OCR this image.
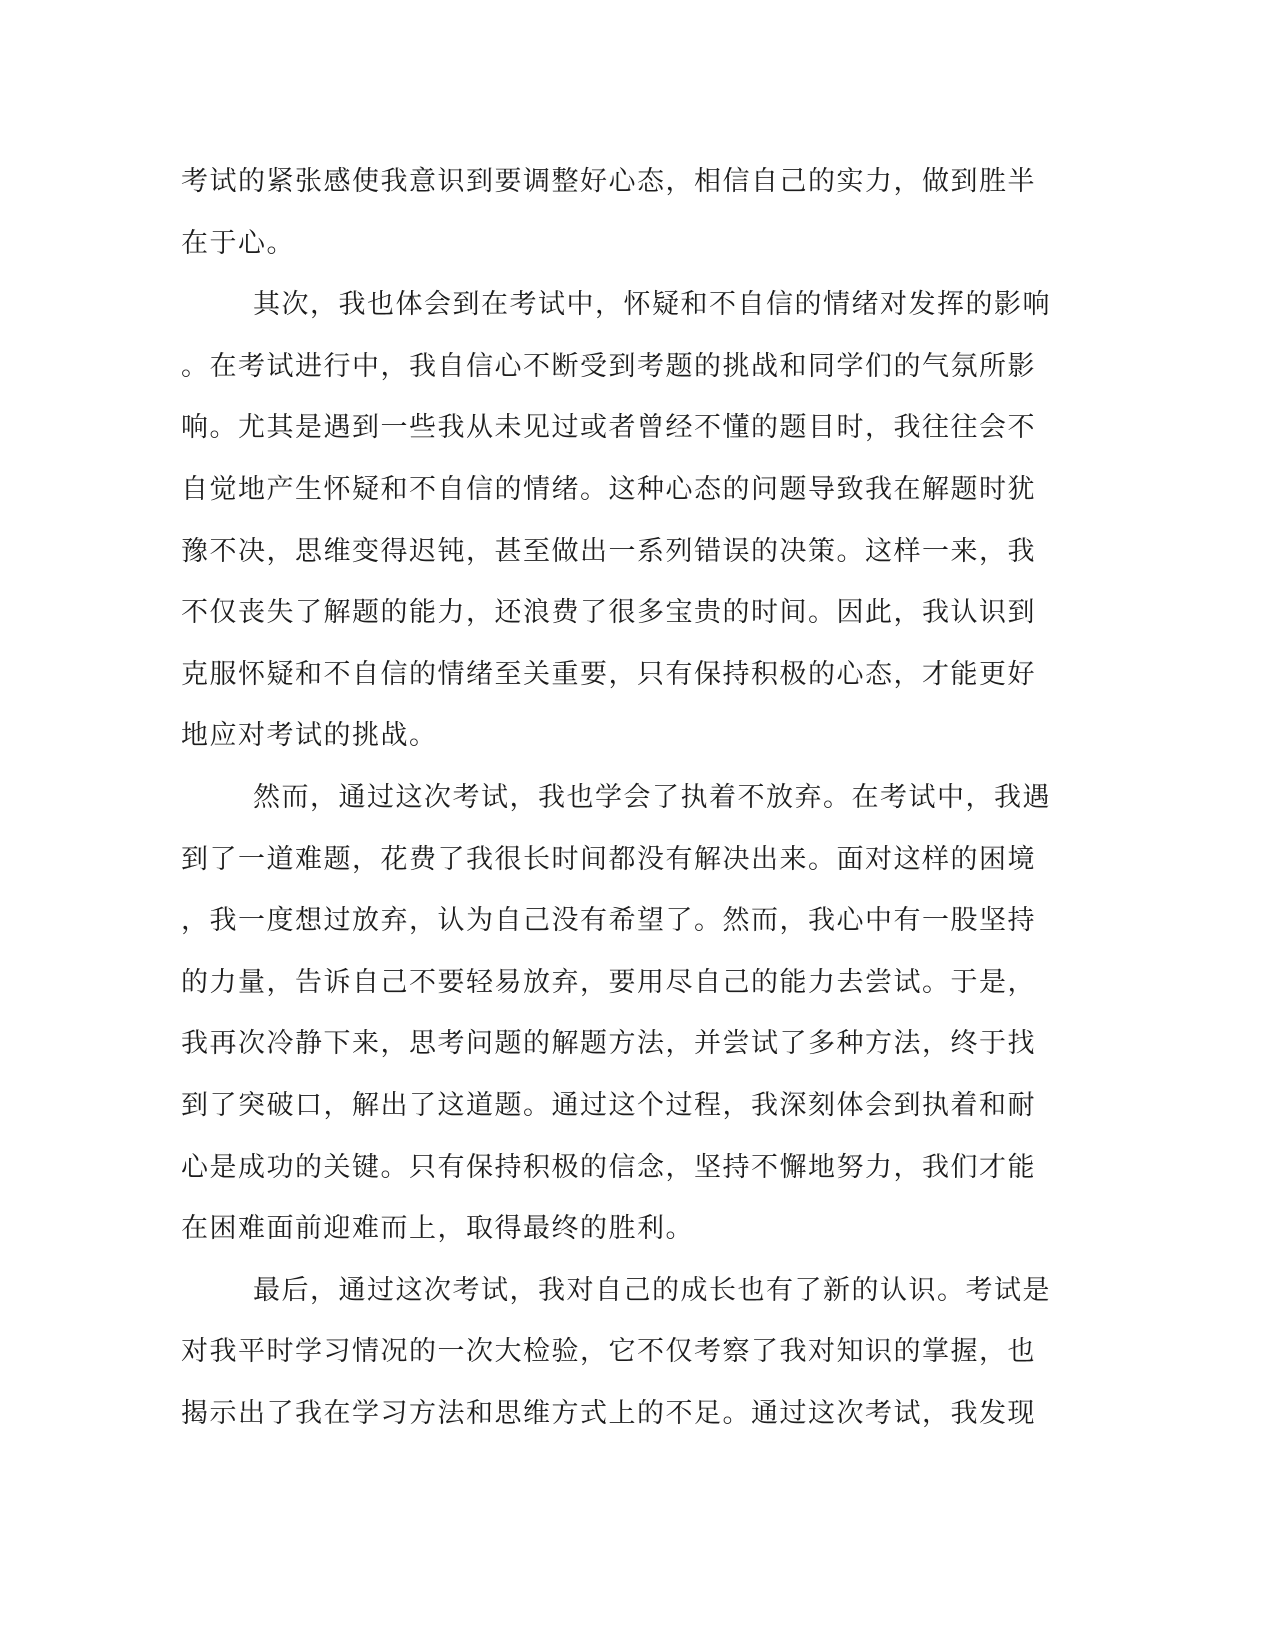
考试的紧张感使我意识到要调整好心态，相信自己的实力，做到胜半
在于心。
其次，我也体会到在考试中，怀疑和不自信的情绪对发挥的影响
。在考试进行中，我自信心不断受到考题的挑战和同学们的气氛所影
响。尤其是遇到一些我从未见过或者曾经不懂的题目时，我往往会不
自觉地产生怀疑和不自信的情绪。这种心态的问题导致我在解题时犹
豫不决，思维变得迟钝，甚至做出一系列错误的决策。这样一来，我
不仅丧失了解题的能力，还浪费了很多宝贵的时间。因此，我认识到
克服怀疑和不自信的情绪至关重要，只有保持积极的心态，才能更好
地应对考试的挑战。
然而，通过这次考试，我也学会了执着不放弃。在考试中，我遇
到了一道难题，花费了我很长时间都没有解决出来。面对这样的困境
，我一度想过放弃，认为自己没有希望了。然而，我心中有一股坚持
的力量，告诉自己不要轻易放弃，要用尽自己的能力去尝试。于是，
我再次冷静下来，思考问题的解题方法，并尝试了多种方法，终于找
到了突破口，解出了这道题。通过这个过程，我深刻体会到执着和耐
心是成功的关键。只有保持积极的信念，坚持不懈地努力，我们才能
在困难面前迎难而上，取得最终的胜利。
最后，通过这次考试，我对自己的成长也有了新的认识。考试是
对我平时学习情况的一次大检验，它不仅考察了我对知识的掌握，也
揭示出了我在学习方法和思维方式上的不足。通过这次考试，我发现
